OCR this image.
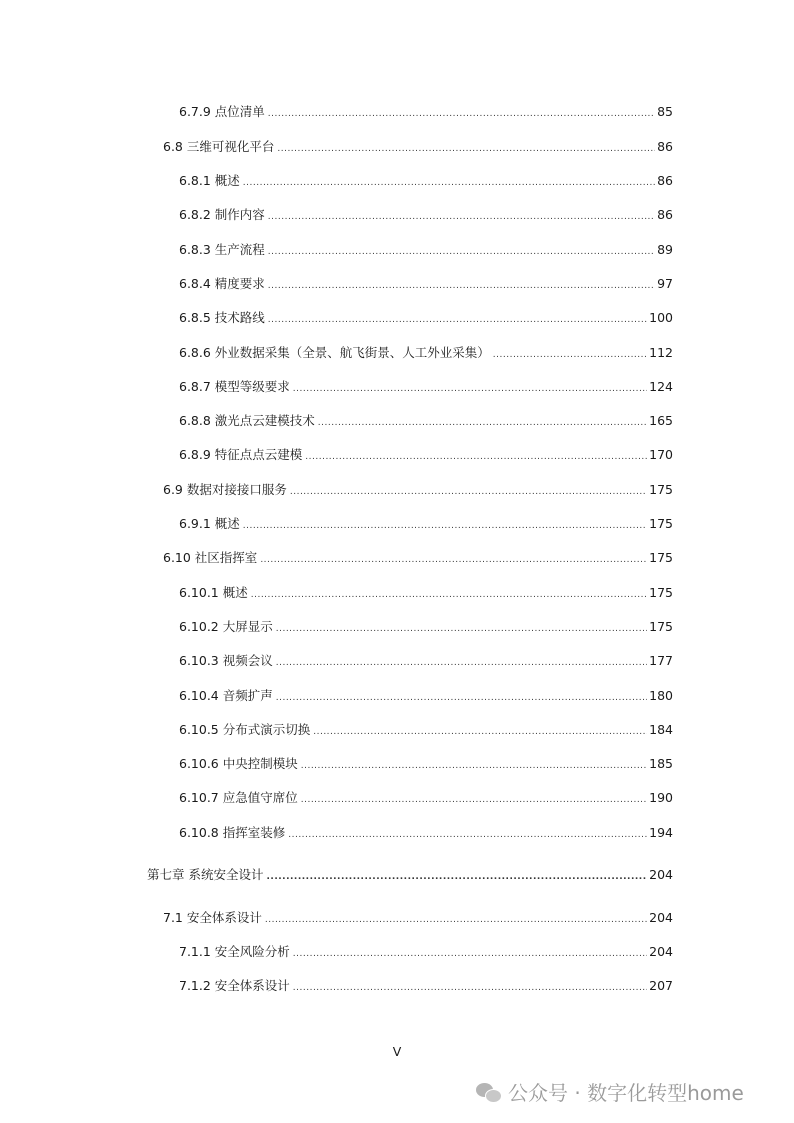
6.7.9 点位清单 .....	85
6.8 三维可视化平台 .....	86
6.8.1 概述 .....	86
6.8.2 制作内容 .....	86
6.8.3 生产流程 .....	89
6.8.4 精度要求 .....	97
6.8.5 技术路线 .....	100
6.8.6 外业数据采集（全景、航飞街景、人工外业采集） .....	112
6.8.7 模型等级要求 .....	124
6.8.8 激光点云建模技术 .....	165
6.8.9 特征点点云建模 .....	170
6.9 数据对接接口服务 .....	175
6.9.1 概述 .....	175
6.10 社区指挥室 .....	175
6.10.1 概述 .....	175
6.10.2 大屏显示 .....	175
6.10.3 视频会议 .....	177
6.10.4 音频扩声 .....	180
6.10.5 分布式演示切换 .....	184
6.10.6 中央控制模块 .....	185
6.10.7 应急值守席位 .....	190
6.10.8 指挥室装修 .....	194
第七章 系统安全设计 .....	204
7.1 安全体系设计 .....	204
7.1.1 安全风险分析 .....	204
7.1.2 安全体系设计 .....	207
V
公众号 · 数字化转型home
